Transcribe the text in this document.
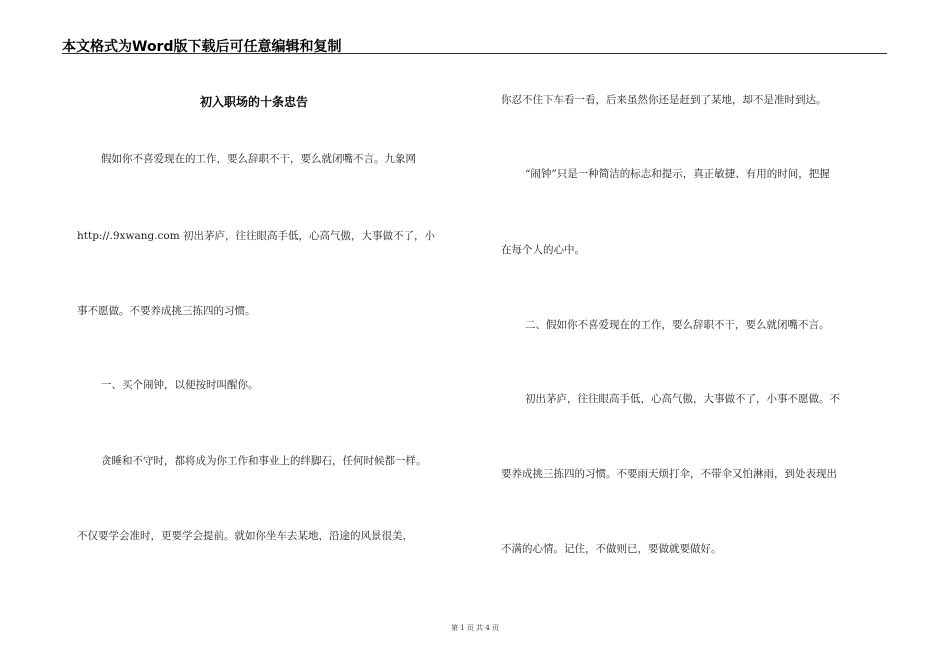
本文格式为Word版下载后可任意编辑和复制
初入职场的十条忠告
假如你不喜爱现在的工作，要么辞职不干，要么就闭嘴不言。九象网
http://.9xwang.com 初出茅庐，往往眼高手低，心高气傲，大事做不了，小
事不愿做。不要养成挑三拣四的习惯。
一、买个闹钟，以便按时叫醒你。
贪睡和不守时，都将成为你工作和事业上的绊脚石，任何时候都一样。
不仅要学会准时，更要学会提前。就如你坐车去某地，沿途的风景很美，
你忍不住下车看一看，后来虽然你还是赶到了某地，却不是准时到达。
“闹钟”只是一种简洁的标志和提示，真正敏捷、有用的时间，把握
在每个人的心中。
二、假如你不喜爱现在的工作，要么辞职不干，要么就闭嘴不言。
初出茅庐，往往眼高手低，心高气傲，大事做不了，小事不愿做。不
要养成挑三拣四的习惯。不要雨天烦打伞，不带伞又怕淋雨，到处表现出
不满的心情。记住，不做则已，要做就要做好。
第 1 页 共 4 页
